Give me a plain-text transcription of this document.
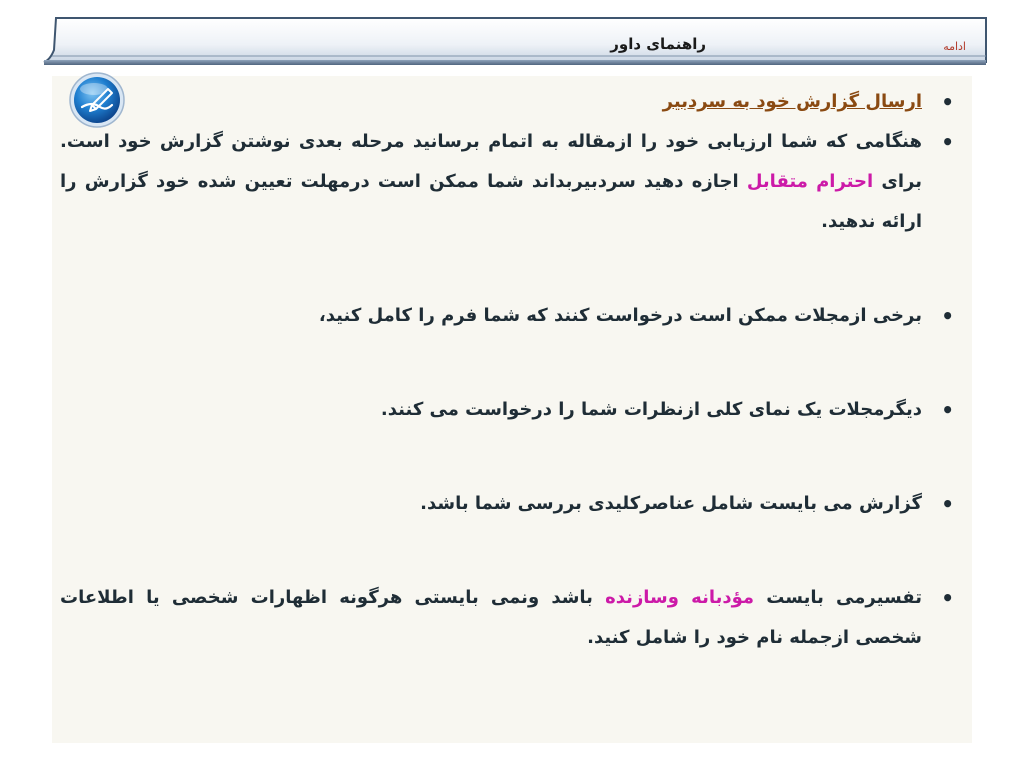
راهنمای داور	ادامه
• ارسال گزارش خود به سردبیر
• هنگامی که شما ارزیابی خود را ازمقاله به اتمام برسانید مرحله بعدی نوشتن گزارش خود است. برای احترام متقابل اجازه دهید سردبیربداند شما ممکن است درمهلت تعیین شده خود گزارش را ارائه ندهید.
• برخی ازمجلات ممکن است درخواست کنند که شما فرم را کامل کنید،
• دیگرمجلات یک نمای کلی ازنظرات شما را درخواست می کنند.
• گزارش می بایست شامل عناصرکلیدی بررسی شما باشد.
• تفسیرمی بایست مؤدبانه وسازنده باشد ونمی بایستی هرگونه اظهارات شخصی یا اطلاعات شخصی ازجمله نام خود را شامل کنید.
